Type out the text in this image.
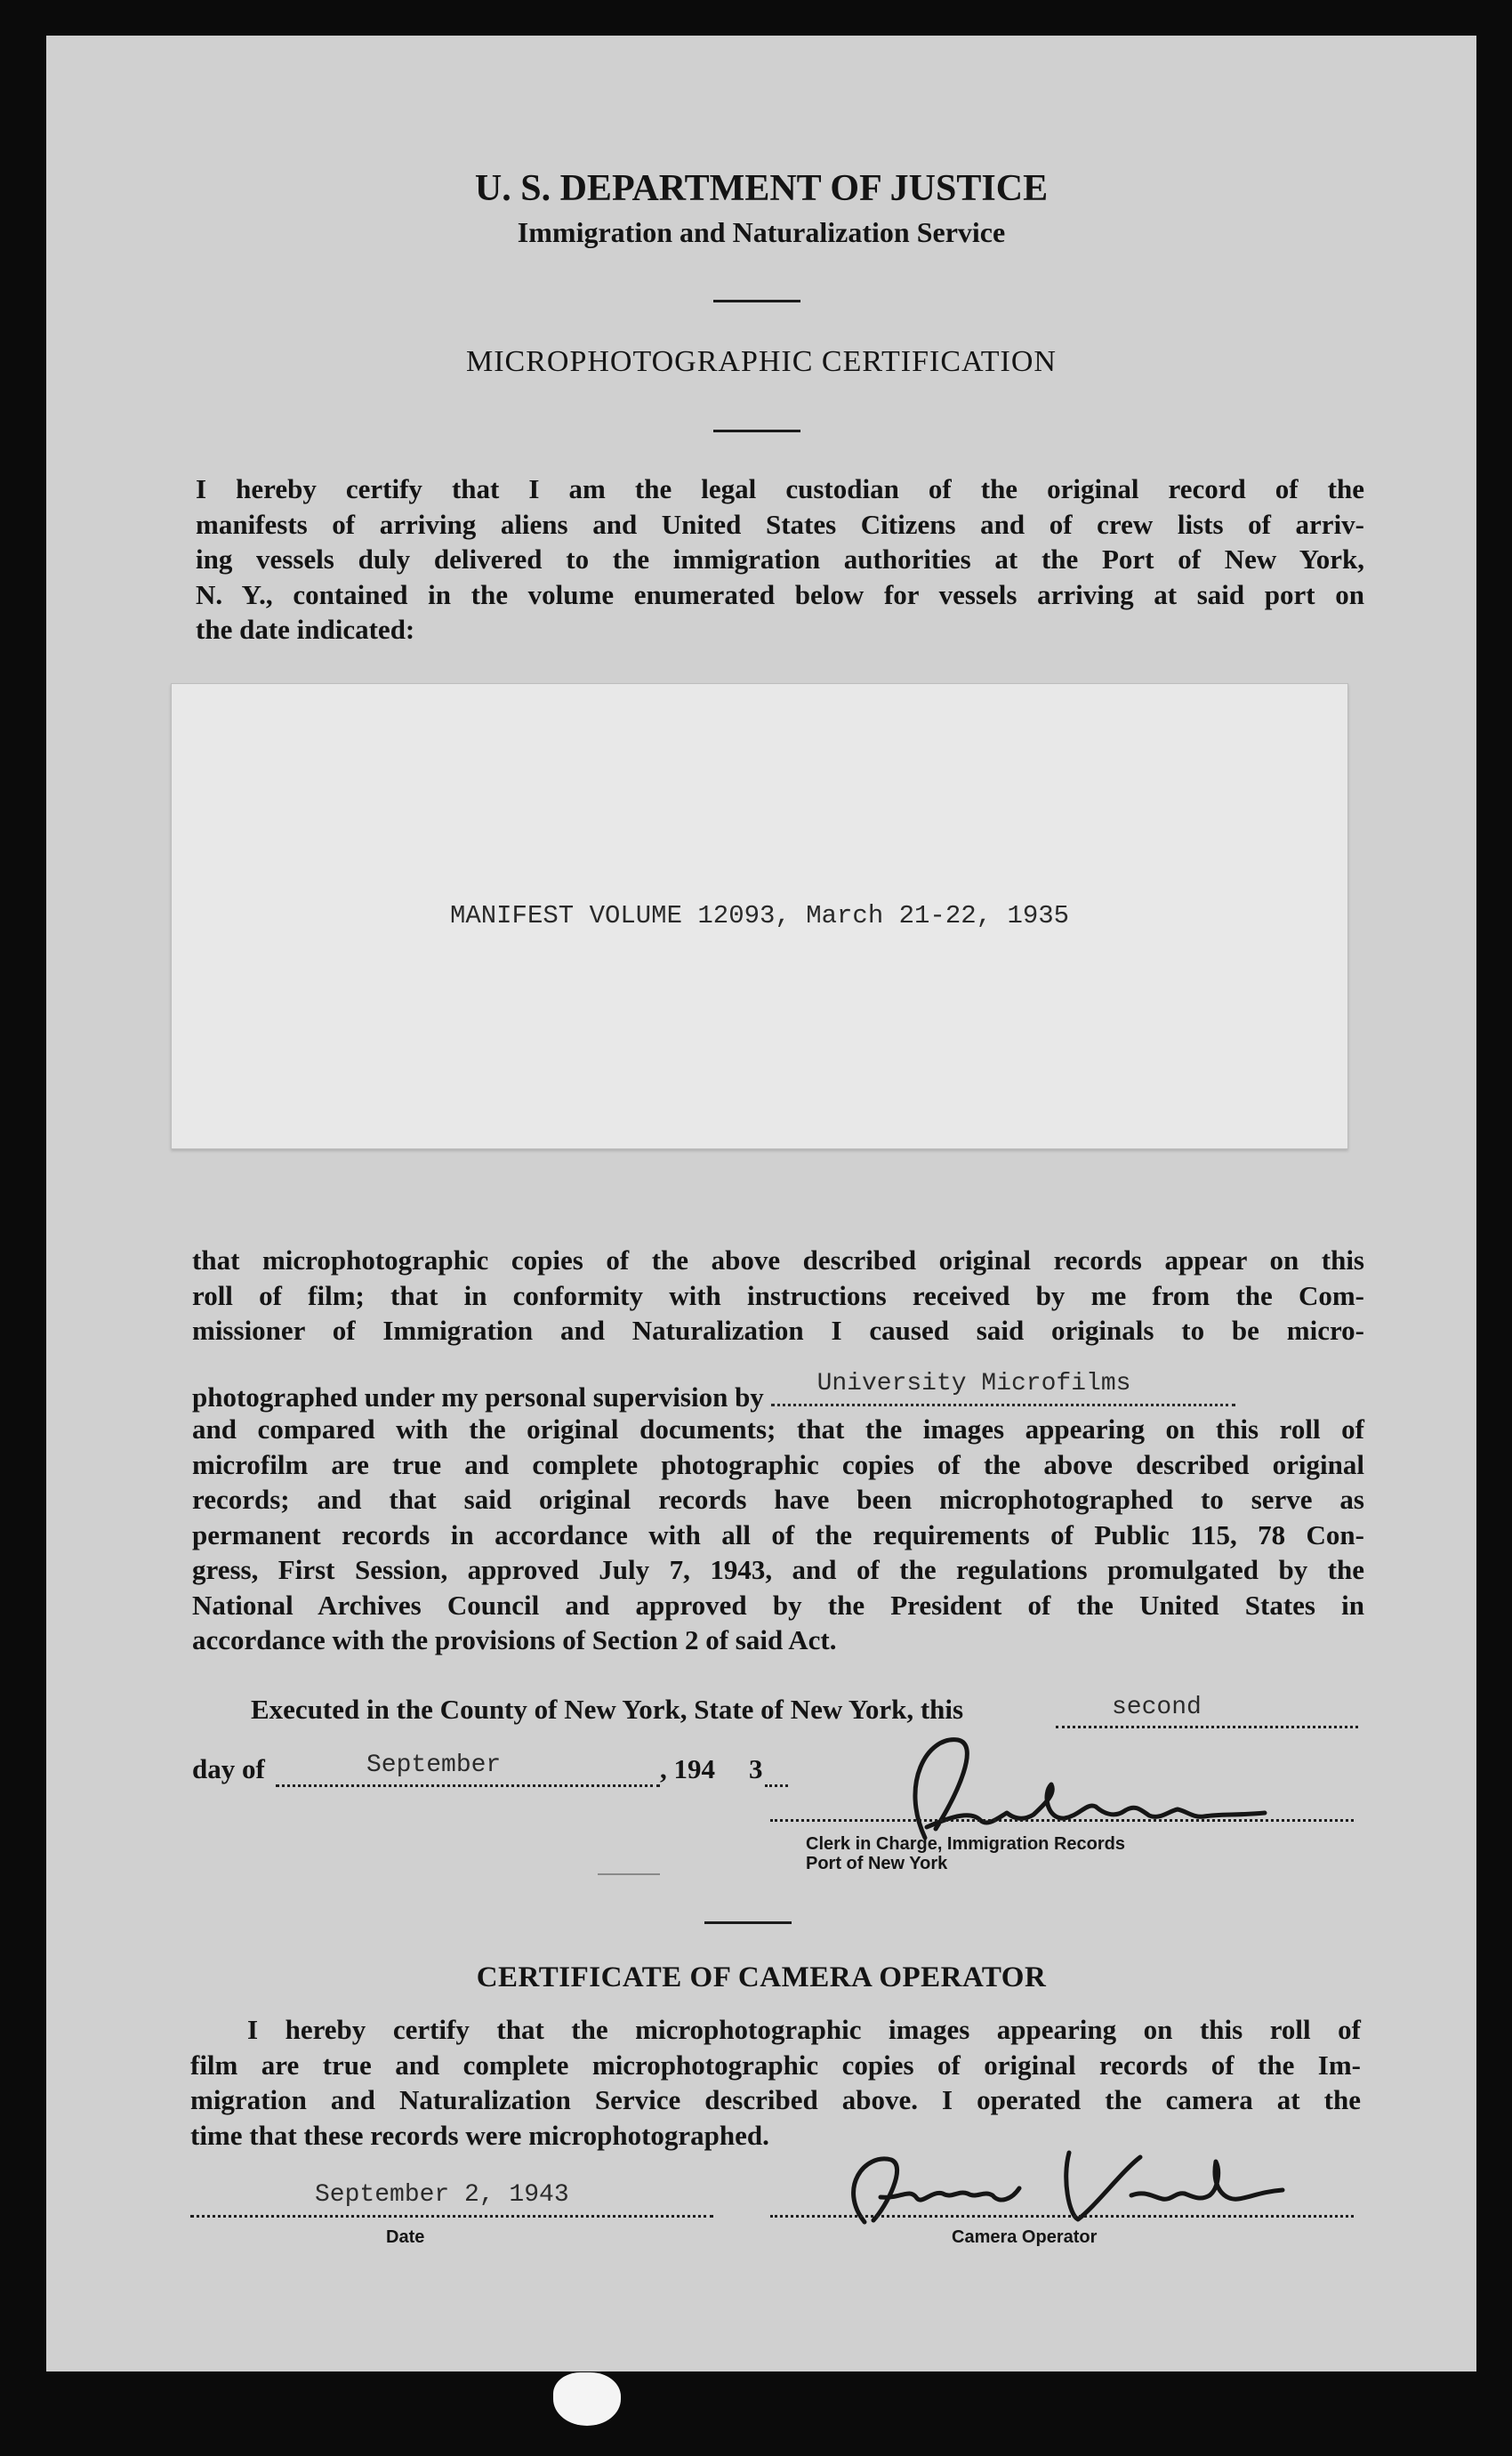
U. S. DEPARTMENT OF JUSTICE
Immigration and Naturalization Service
MICROPHOTOGRAPHIC CERTIFICATION
I hereby certify that I am the legal custodian of the original record of the
manifests of arriving aliens and United States Citizens and of crew lists of arriv-
ing vessels duly delivered to the immigration authorities at the Port of New York,
N. Y., contained in the volume enumerated below for vessels arriving at said port on
the date indicated:
MANIFEST VOLUME 12093, March 21-22, 1935
that microphotographic copies of the above described original records appear on this
roll of film; that in conformity with instructions received by me from the Com-
missioner of Immigration and Naturalization I caused said originals to be micro-
photographed under my personal supervision by University Microfilms
and compared with the original documents; that the images appearing on this roll of
microfilm are true and complete photographic copies of the above described original
records; and that said original records have been microphotographed to serve as
permanent records in accordance with all of the requirements of Public 115, 78 Con-
gress, First Session, approved July 7, 1943, and of the regulations promulgated by the
National Archives Council and approved by the President of the United States in
accordance with the provisions of Section 2 of said Act.
Executed in the County of New York, State of New York, this	second
day of	September	, 194 3
Clerk in Charge, Immigration Records
Port of New York
CERTIFICATE OF CAMERA OPERATOR
I hereby certify that the microphotographic images appearing on this roll of
film are true and complete microphotographic copies of original records of the Im-
migration and Naturalization Service described above. I operated the camera at the
time that these records were microphotographed.
September 2, 1943
Date	Camera Operator
